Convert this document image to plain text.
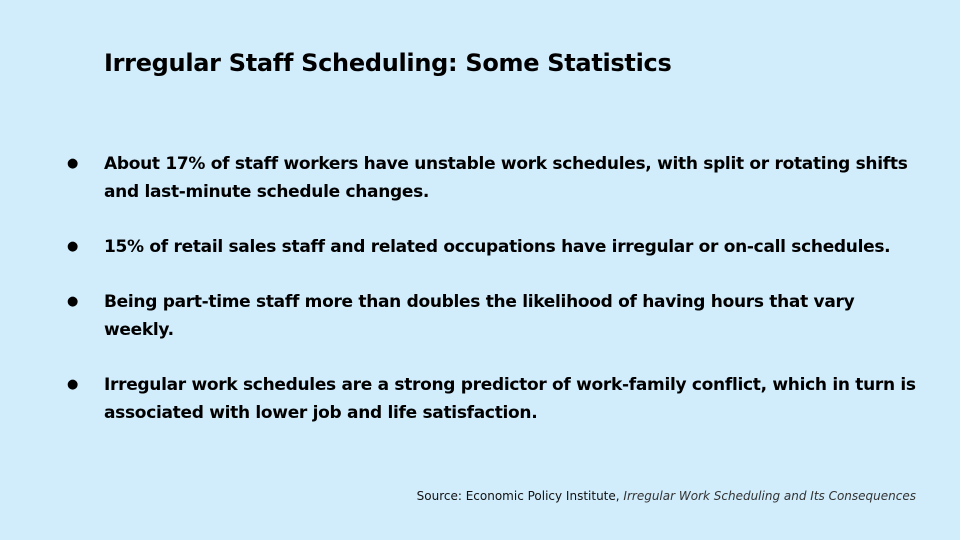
Irregular Staff Scheduling: Some Statistics
● About 17% of staff workers have unstable work schedules, with split or rotating shifts and last-minute schedule changes.
● 15% of retail sales staff and related occupations have irregular or on-call schedules.
● Being part-time staff more than doubles the likelihood of having hours that vary weekly.
● Irregular work schedules are a strong predictor of work-family conflict, which in turn is associated with lower job and life satisfaction.
Source: Economic Policy Institute, Irregular Work Scheduling and Its Consequences
